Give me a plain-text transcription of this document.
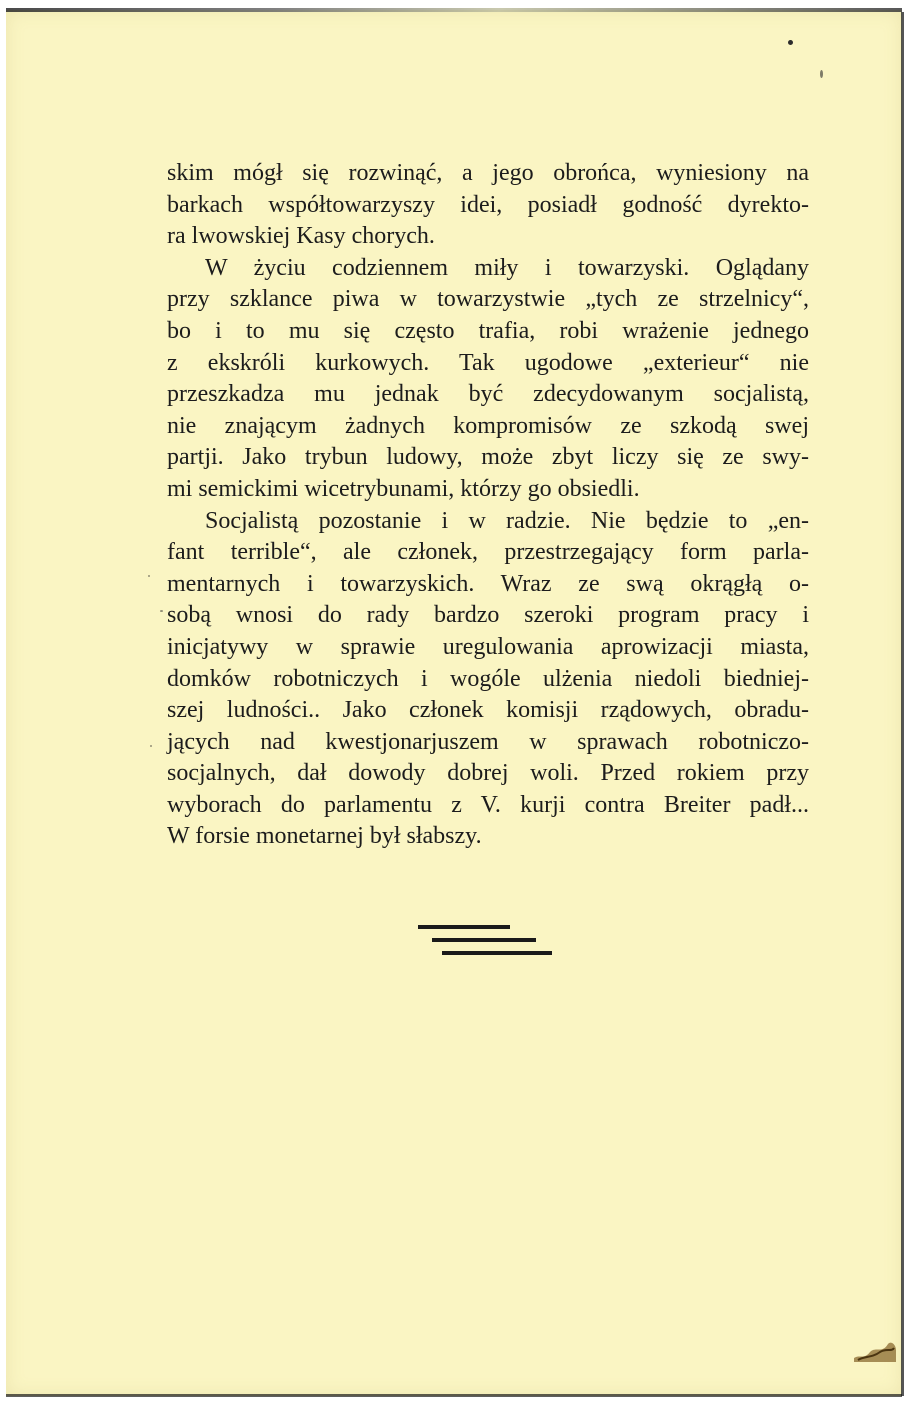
skim mógł się rozwinąć, a jego obrońca, wyniesiony na
barkach współtowarzyszy idei, posiadł godność dyrekto-
ra lwowskiej Kasy chorych.
W życiu codziennem miły i towarzyski. Oglądany
przy szklance piwa w towarzystwie „tych ze strzelnicy“,
bo i to mu się często trafia, robi wrażenie jednego
z ekskróli kurkowych. Tak ugodowe „exterieur“ nie
przeszkadza mu jednak być zdecydowanym socjalistą,
nie znającym żadnych kompromisów ze szkodą swej
partji. Jako trybun ludowy, może zbyt liczy się ze swy-
mi semickimi wicetrybunami, którzy go obsiedli.
Socjalistą pozostanie i w radzie. Nie będzie to „en-
fant terrible“, ale członek, przestrzegający form parla-
mentarnych i towarzyskich. Wraz ze swą okrągłą o-
sobą wnosi do rady bardzo szeroki program pracy i
inicjatywy w sprawie uregulowania aprowizacji miasta,
domków robotniczych i wogóle ulżenia niedoli biedniej-
szej ludności.. Jako członek komisji rządowych, obradu-
jących nad kwestjonarjuszem w sprawach robotniczo-
socjalnych, dał dowody dobrej woli. Przed rokiem przy
wyborach do parlamentu z V. kurji contra Breiter padł...
W forsie monetarnej był słabszy.
